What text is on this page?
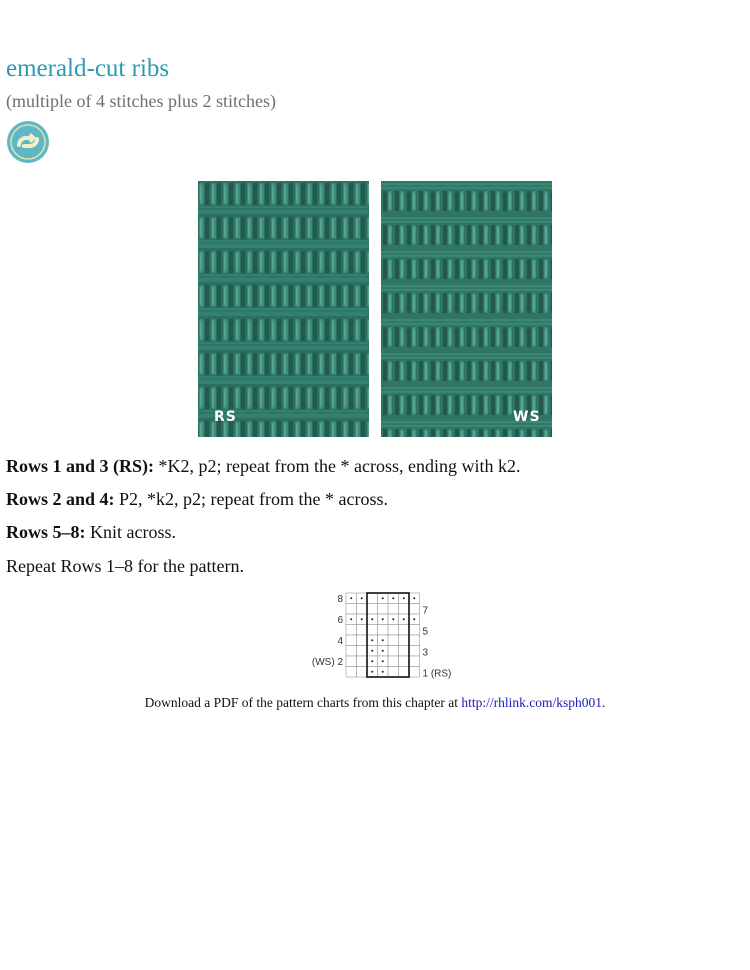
emerald-cut ribs
(multiple of 4 stitches plus 2 stitches)
RS	WS
Rows 1 and 3 (RS): *K2, p2; repeat from the * across, ending with k2.
Rows 2 and 4: P2, *k2, p2; repeat from the * across.
Rows 5–8: Knit across.
Repeat Rows 1–8 for the pattern.
8
6
4
(WS) 2
7
5
3
1 (RS)
Download a PDF of the pattern charts from this chapter at http://rhlink.com/ksph001.
